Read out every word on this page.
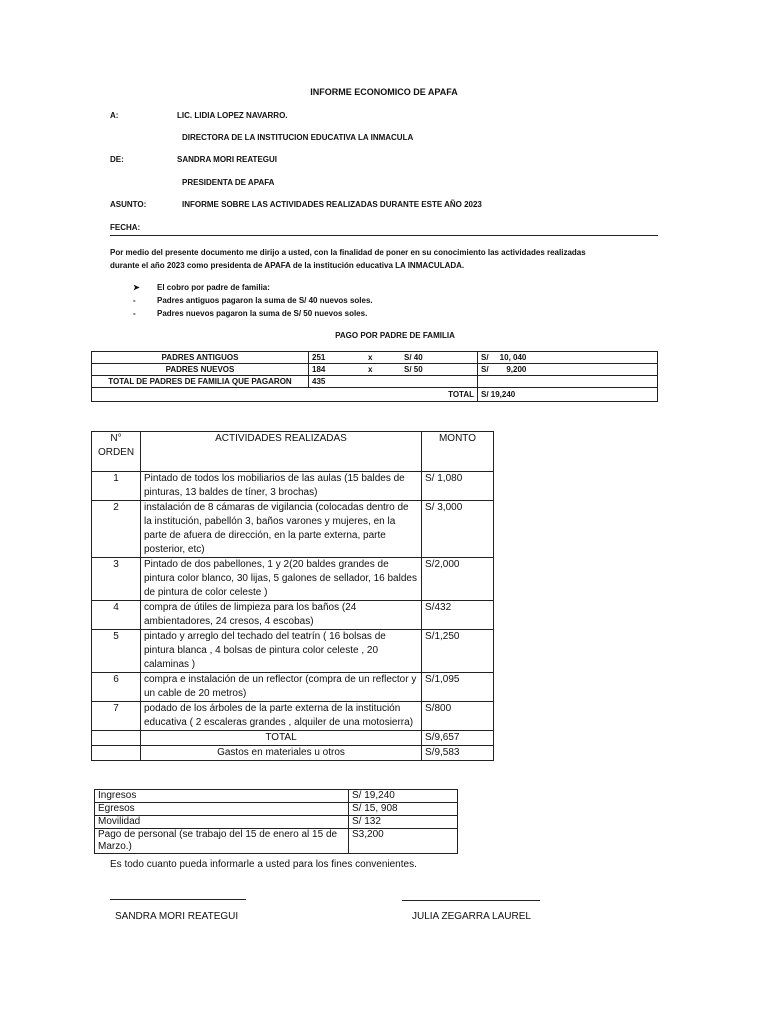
INFORME ECONOMICO DE APAFA
A:	LIC. LIDIA LOPEZ NAVARRO.
DIRECTORA DE LA INSTITUCION EDUCATIVA LA INMACULA
DE:	SANDRA MORI REATEGUI
PRESIDENTA DE APAFA
ASUNTO:	INFORME SOBRE LAS ACTIVIDADES REALIZADAS DURANTE ESTE AÑO 2023
FECHA:
Por medio del presente documento me dirijo a usted, con la finalidad de poner en su conocimiento las actividades realizadas
durante el año 2023 como presidenta de APAFA de la institución educativa LA INMACULADA.
➤ El cobro por padre de familia:
-	Padres antiguos pagaron la suma de S/ 40 nuevos soles.
-	Padres nuevos pagaron la suma de S/ 50 nuevos soles.
PAGO POR PADRE DE FAMILIA
PADRES ANTIGUOS	251	x	S/ 40	S/     10, 040
PADRES NUEVOS	184	x	S/ 50	S/        9,200
TOTAL DE PADRES DE FAMILIA QUE PAGARON	435			
TOTAL				S/ 19,240
N° ORDEN	ACTIVIDADES REALIZADAS	MONTO
1	Pintado de todos los mobiliarios de las aulas (15 baldes de pinturas, 13 baldes de tíner, 3 brochas)	S/ 1,080
2	instalación de 8 cámaras de vigilancia (colocadas dentro de la institución, pabellón 3, baños varones y mujeres, en la parte de afuera de dirección, en la parte externa, parte posterior, etc)	S/ 3,000
3	Pintado de dos pabellones, 1 y 2(20 baldes grandes de pintura color blanco, 30 lijas, 5 galones de sellador, 16 baldes de pintura de color celeste )	S/2,000
4	compra de útiles de limpieza para los baños (24 ambientadores, 24 cresos, 4 escobas)	S/432
5	pintado y arreglo del techado del teatrín ( 16 bolsas de pintura blanca , 4 bolsas de pintura color celeste , 20 calaminas )	S/1,250
6	compra e instalación de un reflector (compra de un reflector y un cable de 20 metros)	S/1,095
7	podado de los árboles de la parte externa de la institución educativa ( 2 escaleras grandes , alquiler de una motosierra)	S/800
	TOTAL	S/9,657
	Gastos en materiales u otros	S/9,583
Ingresos	S/ 19,240
Egresos	S/ 15, 908
Movilidad	S/ 132
Pago de personal (se trabajo del 15 de enero al 15 de Marzo.)	S3,200
Es todo cuanto pueda informarle a usted para los fines convenientes.
SANDRA MORI REATEGUI	JULIA ZEGARRA LAUREL
